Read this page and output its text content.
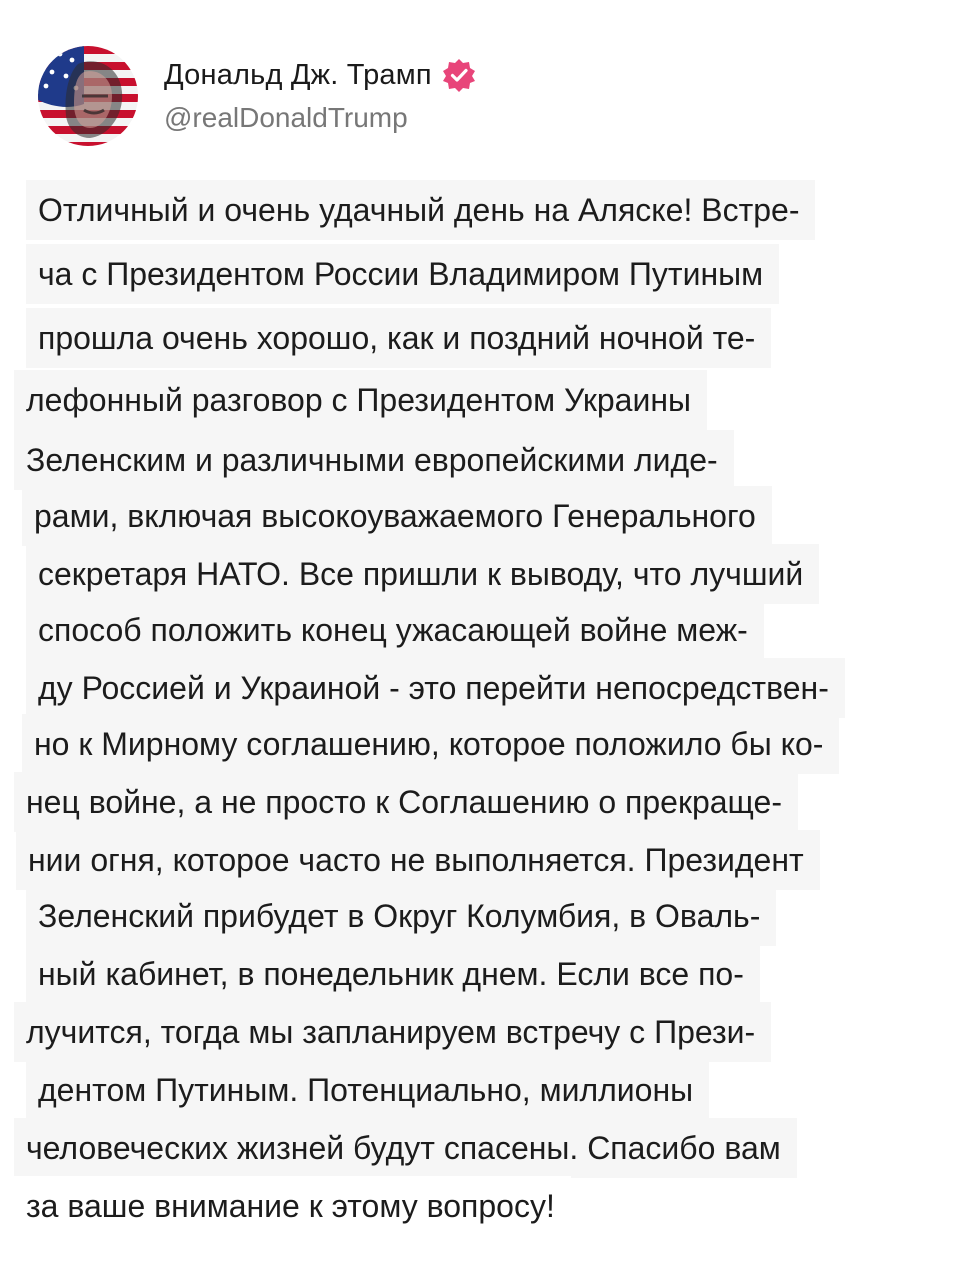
Дональд Дж. Трамп
@realDonaldTrump
Отличный и очень удачный день на Аляске! Встре-
ча с Президентом России Владимиром Путиным
прошла очень хорошо, как и поздний ночной те-
лефонный разговор с Президентом Украины
Зеленским и различными европейскими лиде-
рами, включая высокоуважаемого Генерального
секретаря НАТО. Все пришли к выводу, что лучший
способ положить конец ужасающей войне меж-
ду Россией и Украиной - это перейти непосредствен-
но к Мирному соглашению, которое положило бы ко-
нец войне, а не просто к Соглашению о прекраще-
нии огня, которое часто не выполняется. Президент
Зеленский прибудет в Округ Колумбия, в Оваль-
ный кабинет, в понедельник днем. Если все по-
лучится, тогда мы запланируем встречу с Прези-
дентом Путиным. Потенциально, миллионы
человеческих жизней будут спасены. Спасибо вам
за ваше внимание к этому вопросу!
